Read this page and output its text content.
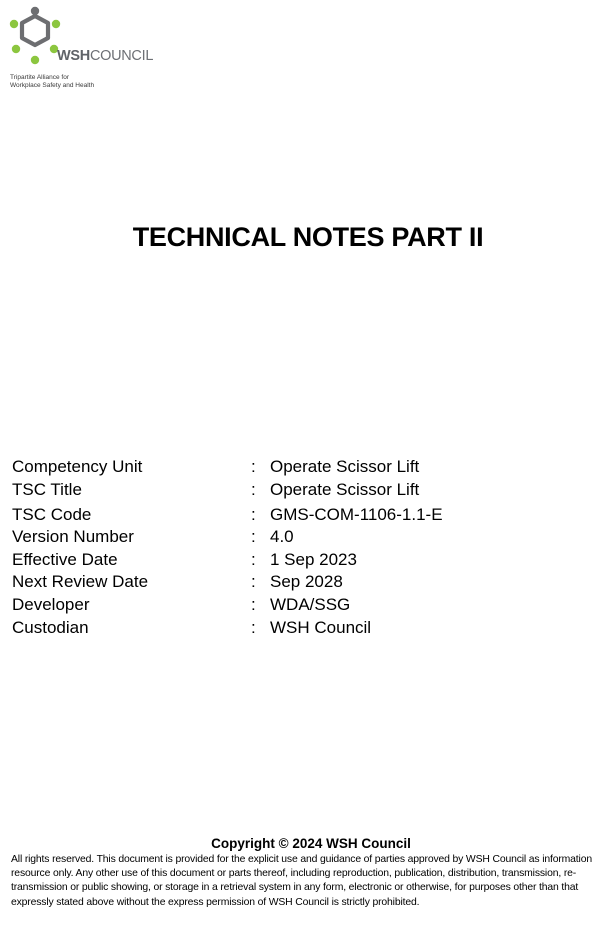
WSHCOUNCIL
Tripartite Alliance for
Workplace Safety and Health
TECHNICAL NOTES PART II
Competency Unit	: Operate Scissor Lift
TSC Title	: Operate Scissor Lift
TSC Code	: GMS-COM-1106-1.1-E
Version Number	: 4.0
Effective Date	: 1 Sep 2023
Next Review Date	: Sep 2028
Developer	: WDA/SSG
Custodian	: WSH Council

Copyright © 2024 WSH Council

All rights reserved. This document is provided for the explicit use and guidance of parties approved by WSH Council as information resource only. Any other use of this document or parts thereof, including reproduction, publication, distribution, transmission, re-transmission or public showing, or storage in a retrieval system in any form, electronic or otherwise, for purposes other than that expressly stated above without the express permission of WSH Council is strictly prohibited.
